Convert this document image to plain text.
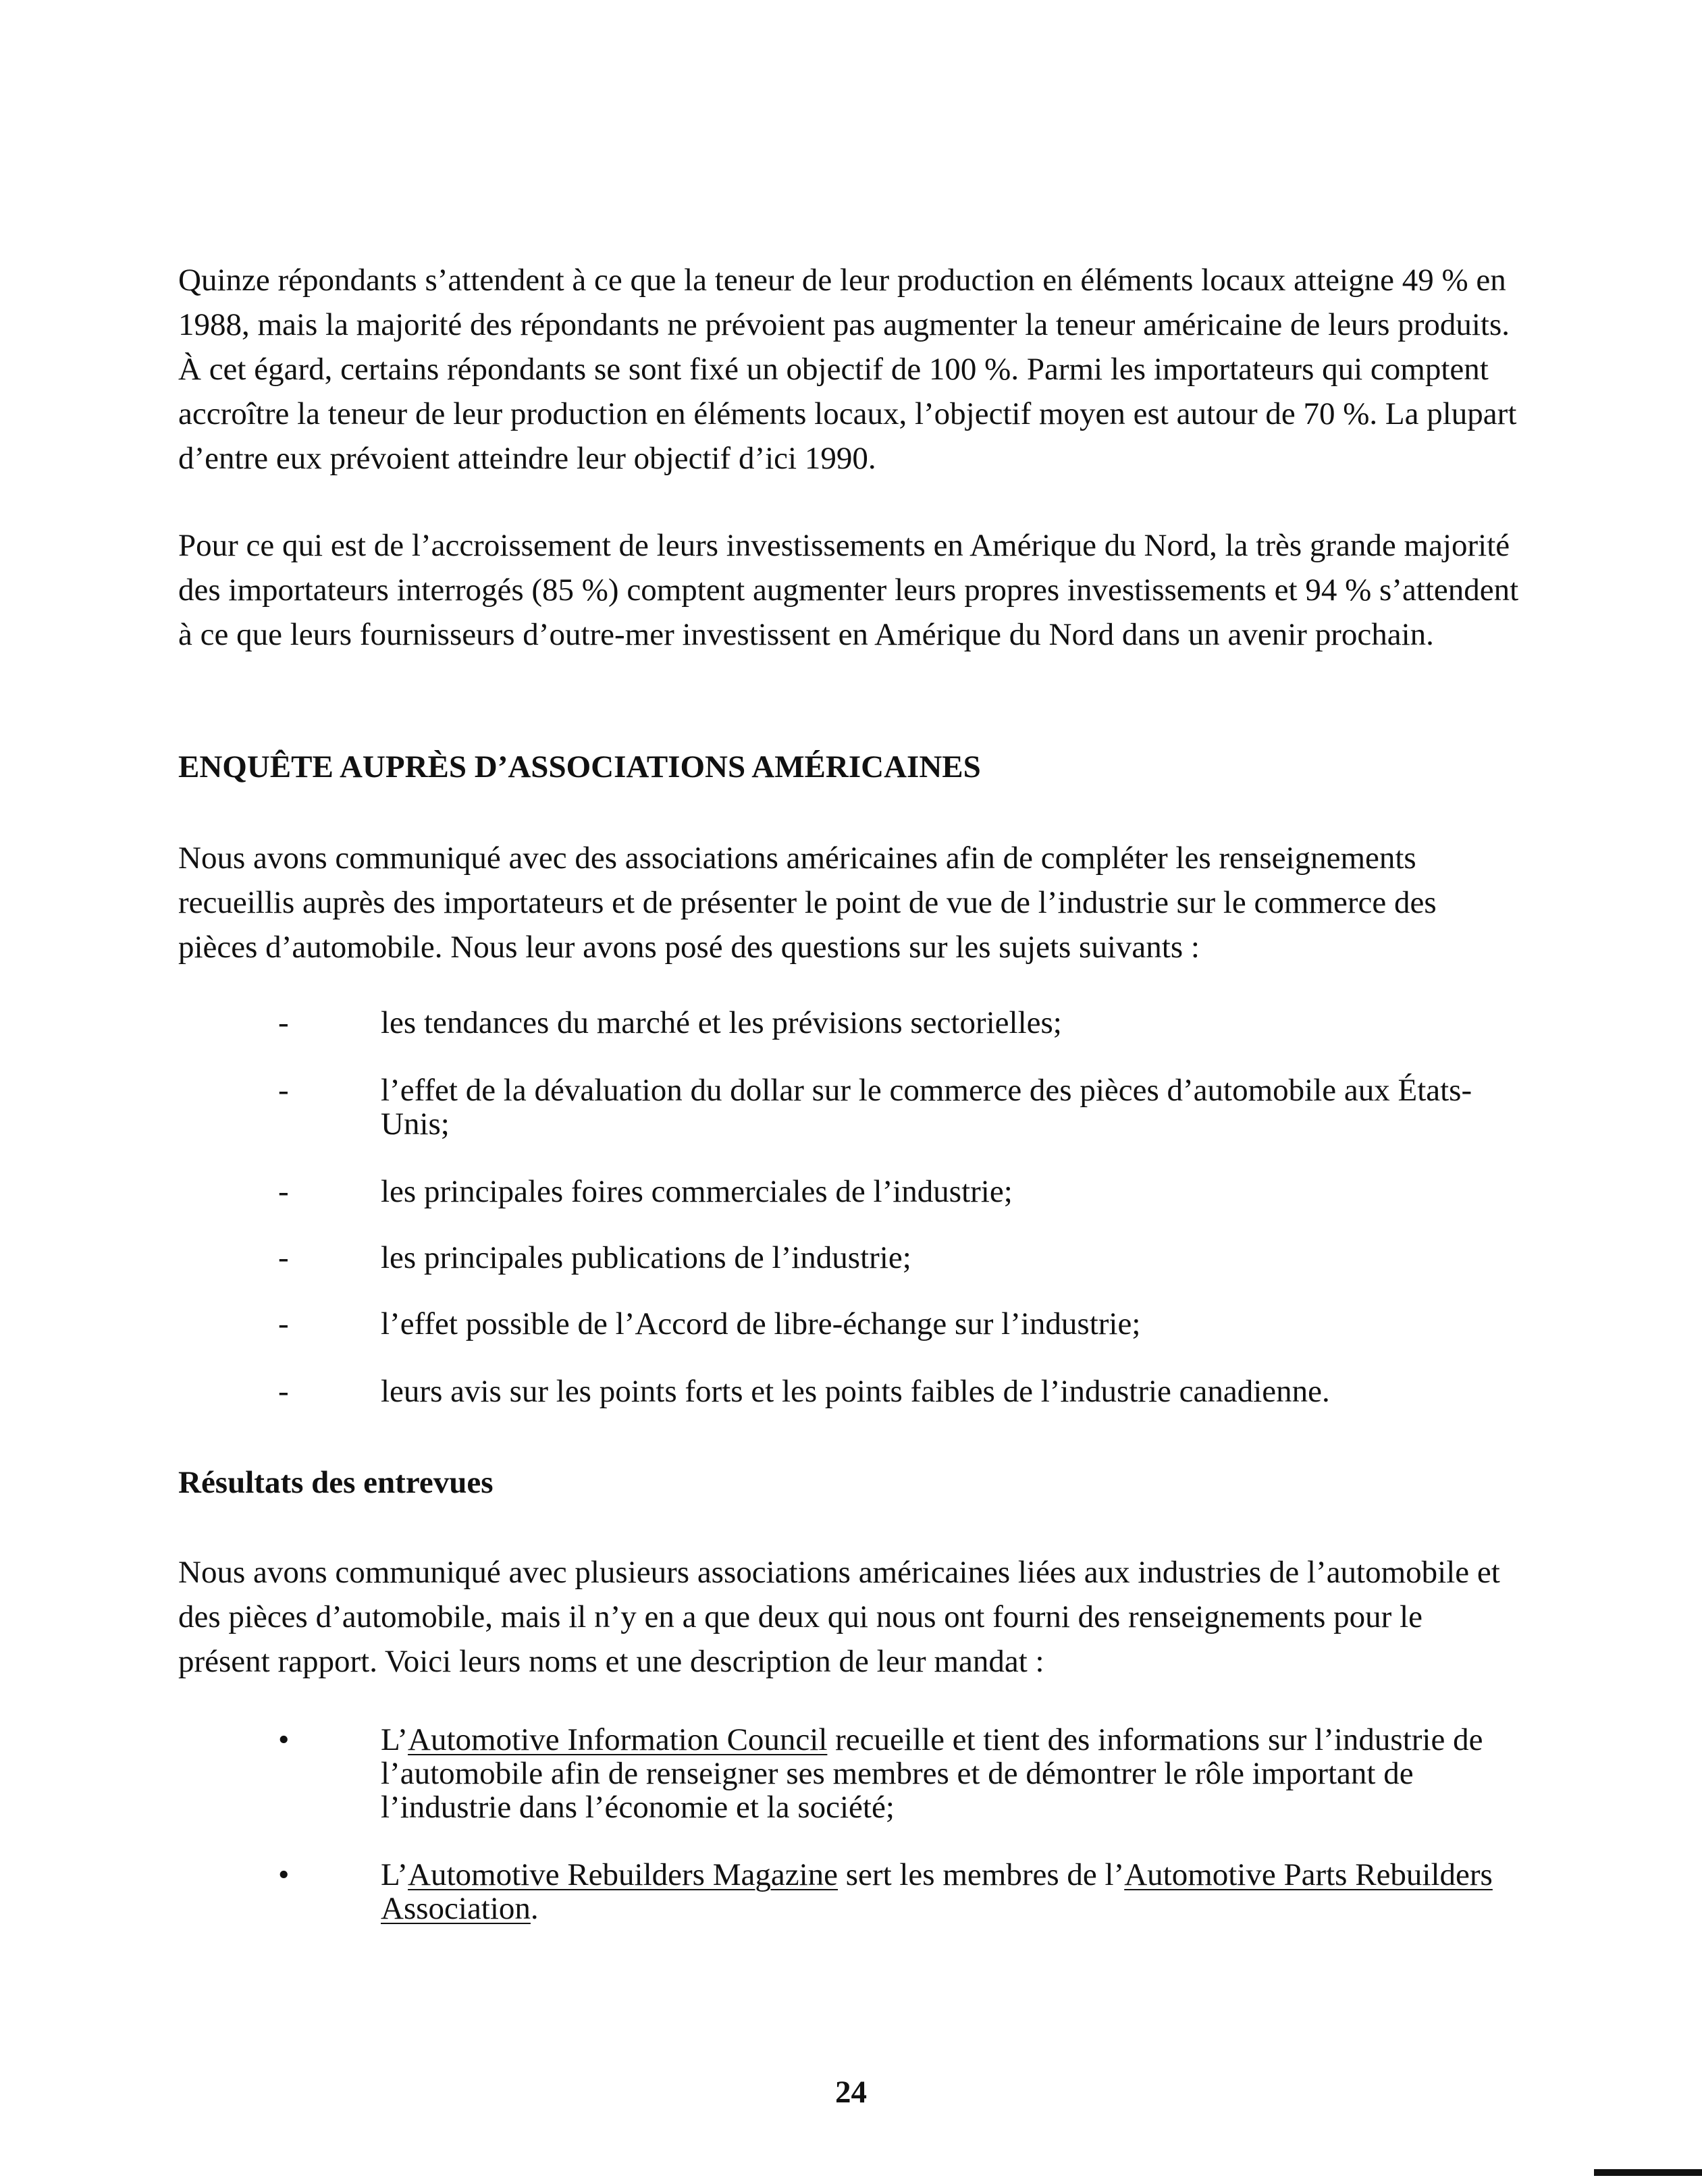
Quinze répondants s’attendent à ce que la teneur de leur production en éléments locaux atteigne 49 % en 1988, mais la majorité des répondants ne prévoient pas augmenter la teneur américaine de leurs produits. À cet égard, certains répondants se sont fixé un objectif de 100 %. Parmi les importateurs qui comptent accroître la teneur de leur production en éléments locaux, l’objectif moyen est autour de 70 %. La plupart d’entre eux prévoient atteindre leur objectif d’ici 1990.

Pour ce qui est de l’accroissement de leurs investissements en Amérique du Nord, la très grande majorité des importateurs interrogés (85 %) comptent augmenter leurs propres investissements et 94 % s’attendent à ce que leurs fournisseurs d’outre-mer investissent en Amérique du Nord dans un avenir prochain.

ENQUÊTE AUPRÈS D’ASSOCIATIONS AMÉRICAINES

Nous avons communiqué avec des associations américaines afin de compléter les renseignements recueillis auprès des importateurs et de présenter le point de vue de l’industrie sur le commerce des pièces d’automobile. Nous leur avons posé des questions sur les sujets suivants :

-	les tendances du marché et les prévisions sectorielles;
-	l’effet de la dévaluation du dollar sur le commerce des pièces d’automobile aux États-Unis;
-	les principales foires commerciales de l’industrie;
-	les principales publications de l’industrie;
-	l’effet possible de l’Accord de libre-échange sur l’industrie;
-	leurs avis sur les points forts et les points faibles de l’industrie canadienne.
Résultats des entrevues

Nous avons communiqué avec plusieurs associations américaines liées aux industries de l’automobile et des pièces d’automobile, mais il n’y en a que deux qui nous ont fourni des renseignements pour le présent rapport. Voici leurs noms et une description de leur mandat :

•	L’Automotive Information Council recueille et tient des informations sur l’industrie de l’automobile afin de renseigner ses membres et de démontrer le rôle important de l’industrie dans l’économie et la société;
•	L’Automotive Rebuilders Magazine sert les membres de l’Automotive Parts Rebuilders Association.
24
